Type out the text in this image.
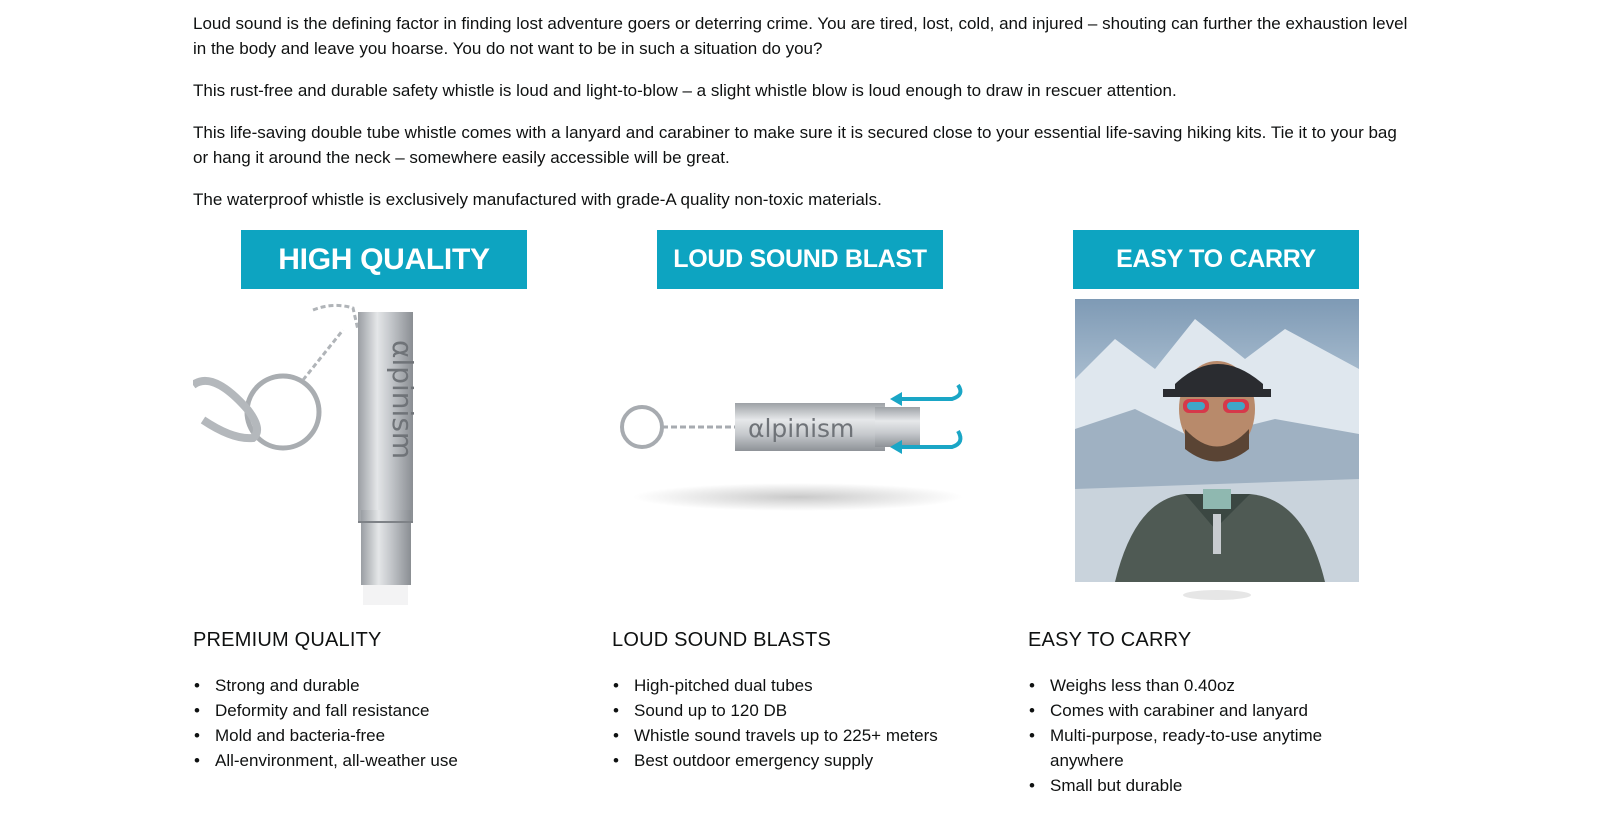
Loud sound is the defining factor in finding lost adventure goers or deterring crime. You are tired, lost, cold, and injured – shouting can further the exhaustion level in the body and leave you hoarse. You do not want to be in such a situation do you?

This rust-free and durable safety whistle is loud and light-to-blow – a slight whistle blow is loud enough to draw in rescuer attention.

This life-saving double tube whistle comes with a lanyard and carabiner to make sure it is secured close to your essential life-saving hiking kits. Tie it to your bag or hang it around the neck – somewhere easily accessible will be great.

The waterproof whistle is exclusively manufactured with grade-A quality non-toxic materials.

HIGH QUALITY	LOUD SOUND BLAST	EASY TO CARRY
αlpinism	αlpinism
PREMIUM QUALITY
• Strong and durable
• Deformity and fall resistance
• Mold and bacteria-free
• All-environment, all-weather use
LOUD SOUND BLASTS
• High-pitched dual tubes
• Sound up to 120 DB
• Whistle sound travels up to 225+ meters
• Best outdoor emergency supply
EASY TO CARRY
• Weighs less than 0.40oz
• Comes with carabiner and lanyard
• Multi-purpose, ready-to-use anytime anywhere
• Small but durable
